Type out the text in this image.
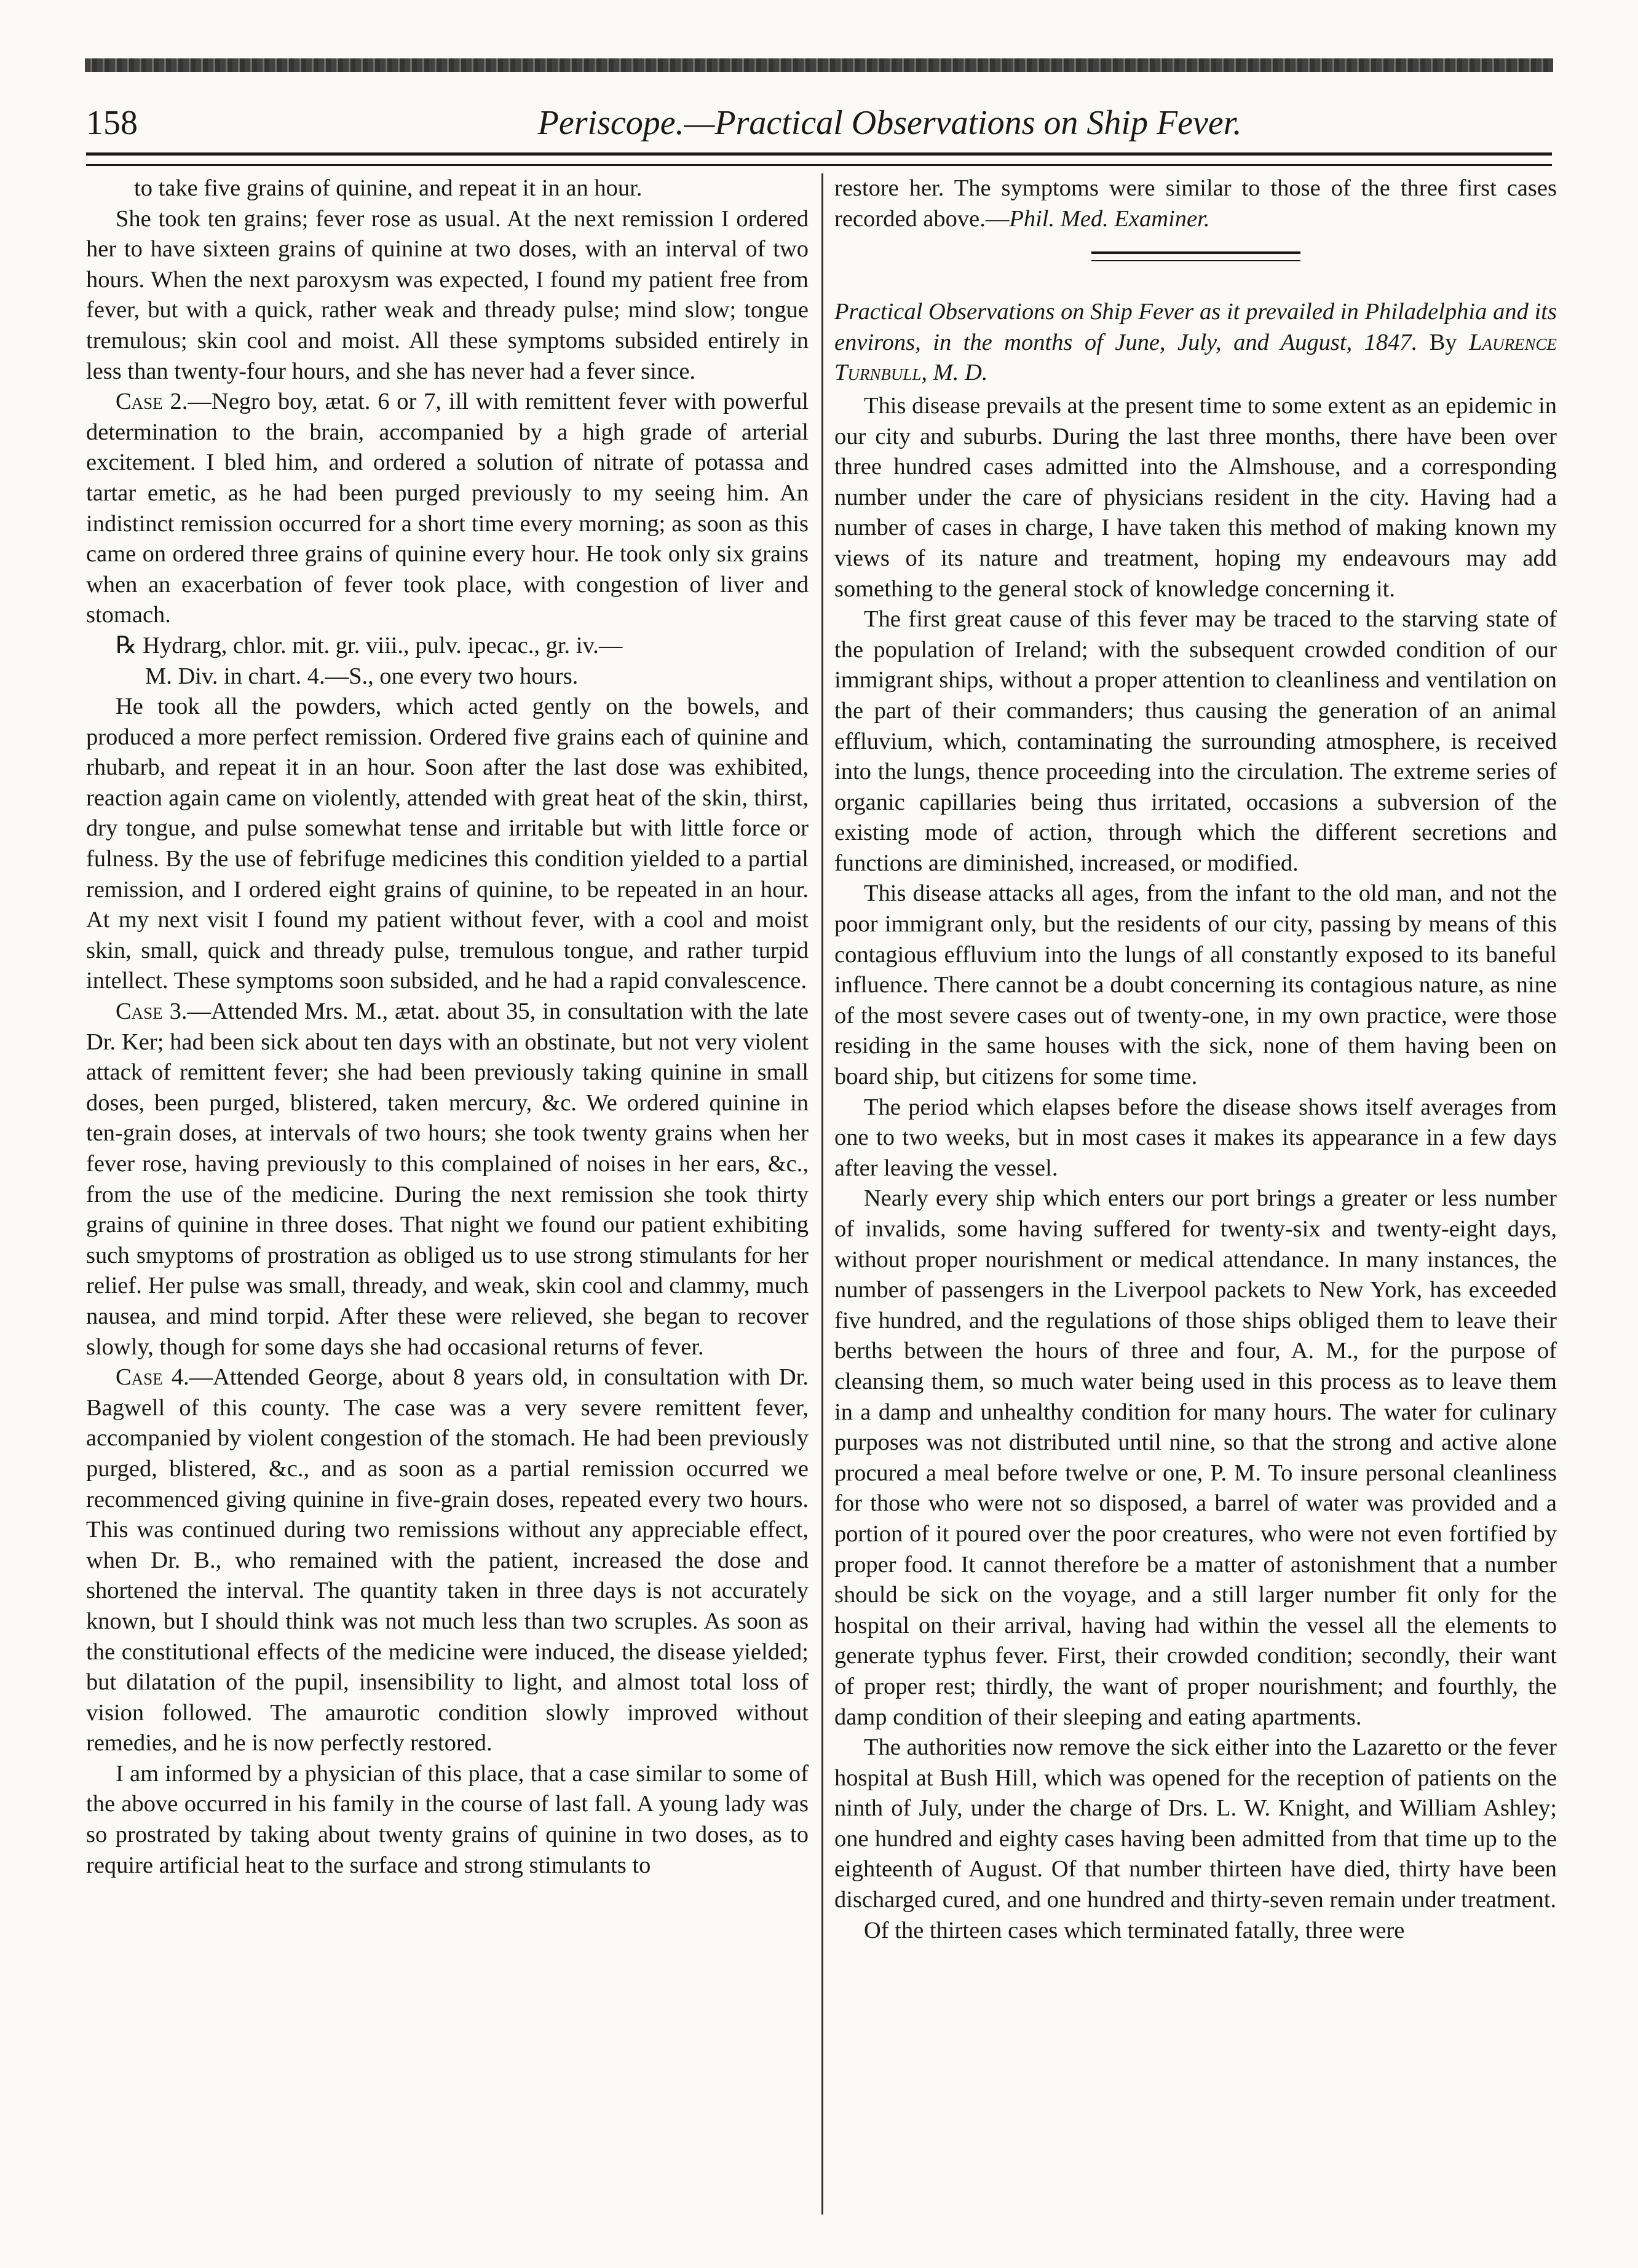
158	Periscope.—Practical Observations on Ship Fever.

to take five grains of quinine, and repeat it in an hour.

She took ten grains; fever rose as usual. At the next remission I ordered her to have sixteen grains of quinine at two doses, with an interval of two hours. When the next paroxysm was expected, I found my patient free from fever, but with a quick, rather weak and thready pulse; mind slow; tongue tremulous; skin cool and moist. All these symptoms subsided entirely in less than twenty-four hours, and she has never had a fever since.

Case 2.—Negro boy, ætat. 6 or 7, ill with remittent fever with powerful determination to the brain, accompanied by a high grade of arterial excitement. I bled him, and ordered a solution of nitrate of potassa and tartar emetic, as he had been purged previously to my seeing him. An indistinct remission occurred for a short time every morning; as soon as this came on ordered three grains of quinine every hour. He took only six grains when an exacerbation of fever took place, with congestion of liver and stomach.

℞ Hydrarg, chlor. mit. gr. viii., pulv. ipecac., gr. iv.—

M. Div. in chart. 4.—S., one every two hours.

He took all the powders, which acted gently on the bowels, and produced a more perfect remission. Ordered five grains each of quinine and rhubarb, and repeat it in an hour. Soon after the last dose was exhibited, reaction again came on violently, attended with great heat of the skin, thirst, dry tongue, and pulse somewhat tense and irritable but with little force or fulness. By the use of febrifuge medicines this condition yielded to a partial remission, and I ordered eight grains of quinine, to be repeated in an hour. At my next visit I found my patient without fever, with a cool and moist skin, small, quick and thready pulse, tremulous tongue, and rather turpid intellect. These symptoms soon subsided, and he had a rapid convalescence.

Case 3.—Attended Mrs. M., ætat. about 35, in consultation with the late Dr. Ker; had been sick about ten days with an obstinate, but not very violent attack of remittent fever; she had been previously taking quinine in small doses, been purged, blistered, taken mercury, &c. We ordered quinine in ten-grain doses, at intervals of two hours; she took twenty grains when her fever rose, having previously to this complained of noises in her ears, &c., from the use of the medicine. During the next remission she took thirty grains of quinine in three doses. That night we found our patient exhibiting such smyptoms of prostration as obliged us to use strong stimulants for her relief. Her pulse was small, thready, and weak, skin cool and clammy, much nausea, and mind torpid. After these were relieved, she began to recover slowly, though for some days she had occasional returns of fever.

Case 4.—Attended George, about 8 years old, in consultation with Dr. Bagwell of this county. The case was a very severe remittent fever, accompanied by violent congestion of the stomach. He had been previously purged, blistered, &c., and as soon as a partial remission occurred we recommenced giving quinine in five-grain doses, repeated every two hours. This was continued during two remissions without any appreciable effect, when Dr. B., who remained with the patient, increased the dose and shortened the interval. The quantity taken in three days is not accurately known, but I should think was not much less than two scruples. As soon as the constitutional effects of the medicine were induced, the disease yielded; but dilatation of the pupil, insensibility to light, and almost total loss of vision followed. The amaurotic condition slowly improved without remedies, and he is now perfectly restored.

I am informed by a physician of this place, that a case similar to some of the above occurred in his family in the course of last fall. A young lady was so prostrated by taking about twenty grains of quinine in two doses, as to require artificial heat to the surface and strong stimulants to

restore her. The symptoms were similar to those of the three first cases recorded above.—Phil. Med. Examiner.

Practical Observations on Ship Fever as it prevailed in Philadelphia and its environs, in the months of June, July, and August, 1847. By Laurence Turnbull, M. D.

This disease prevails at the present time to some extent as an epidemic in our city and suburbs. During the last three months, there have been over three hundred cases admitted into the Almshouse, and a corresponding number under the care of physicians resident in the city. Having had a number of cases in charge, I have taken this method of making known my views of its nature and treatment, hoping my endeavours may add something to the general stock of knowledge concerning it.

The first great cause of this fever may be traced to the starving state of the population of Ireland; with the subsequent crowded condition of our immigrant ships, without a proper attention to cleanliness and ventilation on the part of their commanders; thus causing the generation of an animal effluvium, which, contaminating the surrounding atmosphere, is received into the lungs, thence proceeding into the circulation. The extreme series of organic capillaries being thus irritated, occasions a subversion of the existing mode of action, through which the different secretions and functions are diminished, increased, or modified.

This disease attacks all ages, from the infant to the old man, and not the poor immigrant only, but the residents of our city, passing by means of this contagious effluvium into the lungs of all constantly exposed to its baneful influence. There cannot be a doubt concerning its contagious nature, as nine of the most severe cases out of twenty-one, in my own practice, were those residing in the same houses with the sick, none of them having been on board ship, but citizens for some time.

The period which elapses before the disease shows itself averages from one to two weeks, but in most cases it makes its appearance in a few days after leaving the vessel.

Nearly every ship which enters our port brings a greater or less number of invalids, some having suffered for twenty-six and twenty-eight days, without proper nourishment or medical attendance. In many instances, the number of passengers in the Liverpool packets to New York, has exceeded five hundred, and the regulations of those ships obliged them to leave their berths between the hours of three and four, A. M., for the purpose of cleansing them, so much water being used in this process as to leave them in a damp and unhealthy condition for many hours. The water for culinary purposes was not distributed until nine, so that the strong and active alone procured a meal before twelve or one, P. M. To insure personal cleanliness for those who were not so disposed, a barrel of water was provided and a portion of it poured over the poor creatures, who were not even fortified by proper food. It cannot therefore be a matter of astonishment that a number should be sick on the voyage, and a still larger number fit only for the hospital on their arrival, having had within the vessel all the elements to generate typhus fever. First, their crowded condition; secondly, their want of proper rest; thirdly, the want of proper nourishment; and fourthly, the damp condition of their sleeping and eating apartments.

The authorities now remove the sick either into the Lazaretto or the fever hospital at Bush Hill, which was opened for the reception of patients on the ninth of July, under the charge of Drs. L. W. Knight, and William Ashley; one hundred and eighty cases having been admitted from that time up to the eighteenth of August. Of that number thirteen have died, thirty have been discharged cured, and one hundred and thirty-seven remain under treatment.

Of the thirteen cases which terminated fatally, three were
